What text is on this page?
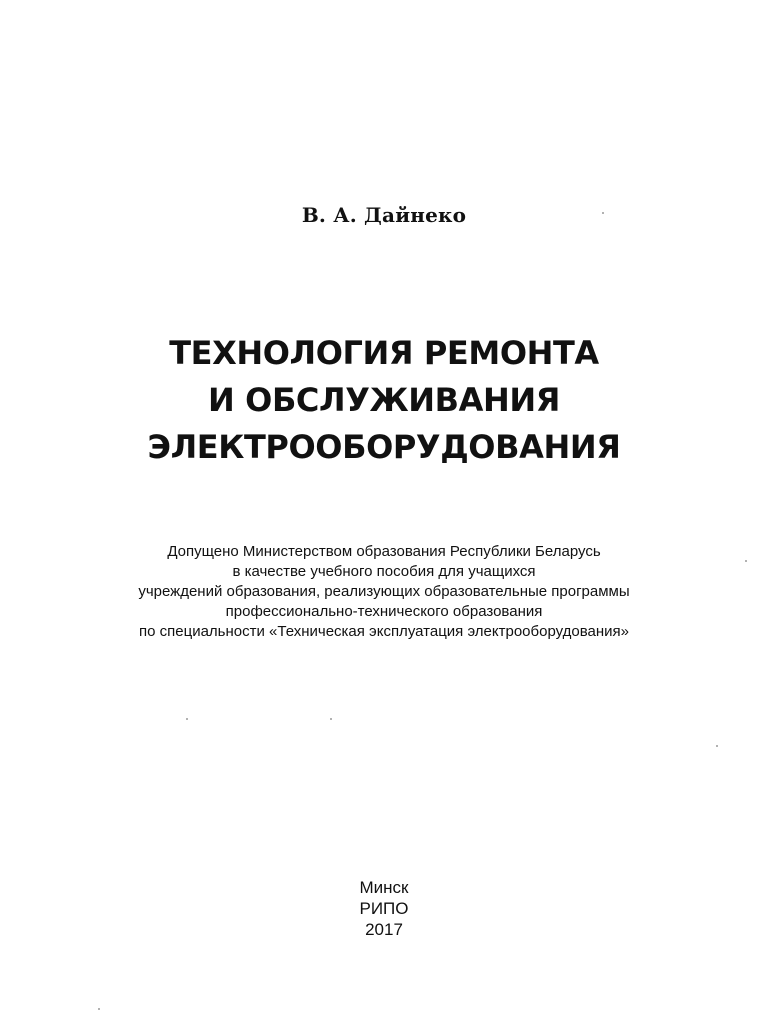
В. А. Дайнеко
ТЕХНОЛОГИЯ РЕМОНТА
И ОБСЛУЖИВАНИЯ
ЭЛЕКТРООБОРУДОВАНИЯ
Допущено Министерством образования Республики Беларусь
в качестве учебного пособия для учащихся
учреждений образования, реализующих образовательные программы
профессионально-технического образования
по специальности «Техническая эксплуатация электрооборудования»
Минск
РИПО
2017
